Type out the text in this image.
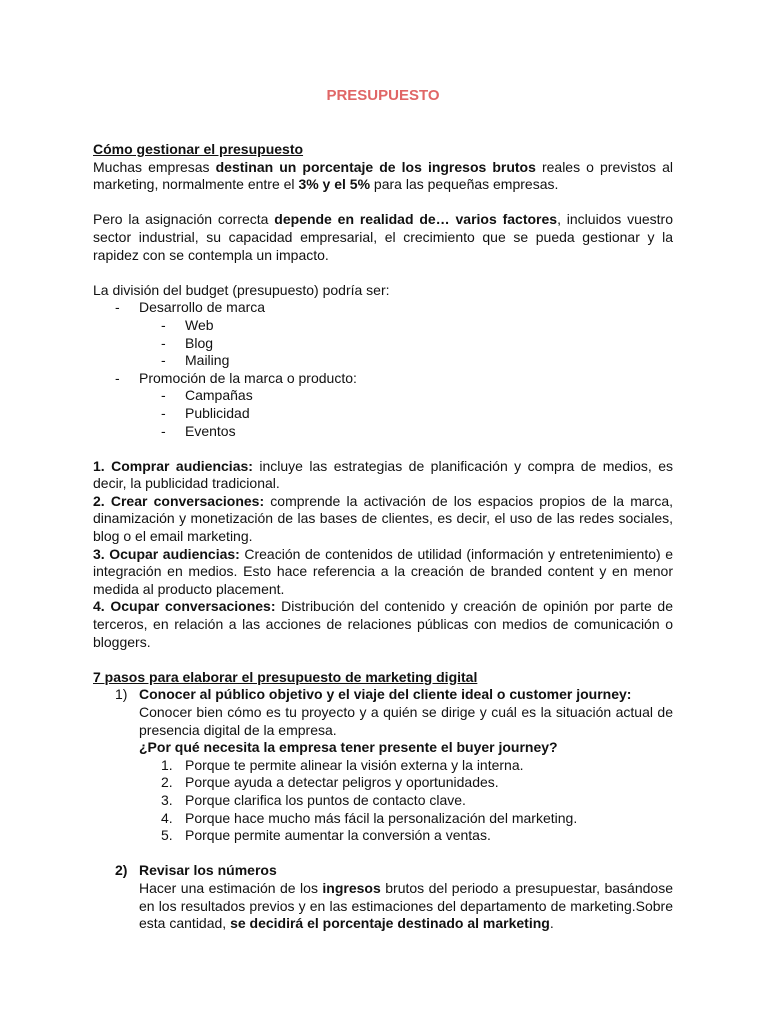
PRESUPUESTO
Cómo gestionar el presupuesto
Muchas empresas destinan un porcentaje de los ingresos brutos reales o previstos al marketing, normalmente entre el 3% y el 5% para las pequeñas empresas.
Pero la asignación correcta depende en realidad de… varios factores, incluidos vuestro sector industrial, su capacidad empresarial, el crecimiento que se pueda gestionar y la rapidez con se contempla un impacto.
La división del budget (presupuesto) podría ser:
-	Desarrollo de marca
-	Web
-	Blog
-	Mailing
-	Promoción de la marca o producto:
-	Campañas
-	Publicidad
-	Eventos
1. Comprar audiencias: incluye las estrategias de planificación y compra de medios, es decir, la publicidad tradicional.
2. Crear conversaciones: comprende la activación de los espacios propios de la marca, dinamización y monetización de las bases de clientes, es decir, el uso de las redes sociales, blog o el email marketing.
3. Ocupar audiencias: Creación de contenidos de utilidad (información y entretenimiento) e integración en medios. Esto hace referencia a la creación de branded content y en menor medida al producto placement.
4. Ocupar conversaciones: Distribución del contenido y creación de opinión por parte de terceros, en relación a las acciones de relaciones públicas con medios de comunicación o bloggers.
7 pasos para elaborar el presupuesto de marketing digital
1) Conocer al público objetivo y el viaje del cliente ideal o customer journey:
Conocer bien cómo es tu proyecto y a quién se dirige y cuál es la situación actual de presencia digital de la empresa.
¿Por qué necesita la empresa tener presente el buyer journey?
1. Porque te permite alinear la visión externa y la interna.
2. Porque ayuda a detectar peligros y oportunidades.
3. Porque clarifica los puntos de contacto clave.
4. Porque hace mucho más fácil la personalización del marketing.
5. Porque permite aumentar la conversión a ventas.
2) Revisar los números
Hacer una estimación de los ingresos brutos del periodo a presupuestar, basándose en los resultados previos y en las estimaciones del departamento de marketing.Sobre esta cantidad, se decidirá el porcentaje destinado al marketing.
